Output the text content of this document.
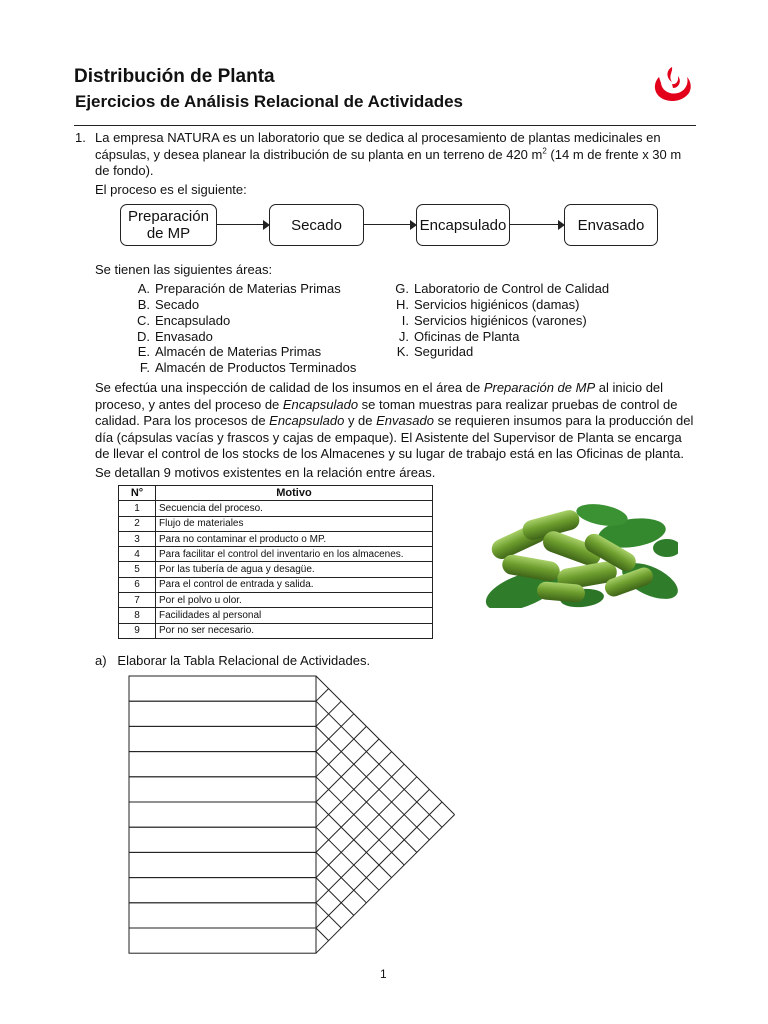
Distribución de Planta
Ejercicios de Análisis Relacional de Actividades
1. La empresa NATURA es un laboratorio que se dedica al procesamiento de plantas medicinales en cápsulas, y desea planear la distribución de su planta en un terreno de 420 $m^2$ (14 m de frente x 30 m de fondo).
El proceso es el siguiente:
Preparación de MP	Secado	Encapsulado	Envasado
Se tienen las siguientes áreas:
A. Preparación de Materias Primas
B. Secado
C. Encapsulado
D. Envasado
E. Almacén de Materias Primas
F. Almacén de Productos Terminados
G. Laboratorio de Control de Calidad
H. Servicios higiénicos (damas)
I. Servicios higiénicos (varones)
J. Oficinas de Planta
K. Seguridad
Se efectúa una inspección de calidad de los insumos en el área de Preparación de MP al inicio del proceso, y antes del proceso de Encapsulado se toman muestras para realizar pruebas de control de calidad. Para los procesos de Encapsulado y de Envasado se requieren insumos para la producción del día (cápsulas vacías y frascos y cajas de empaque). El Asistente del Supervisor de Planta se encarga de llevar el control de los stocks de los Almacenes y su lugar de trabajo está en las Oficinas de planta.
Se detallan 9 motivos existentes en la relación entre áreas.
N°	Motivo
1	Secuencia del proceso.
2	Flujo de materiales
3	Para no contaminar el producto o MP.
4	Para facilitar el control del inventario en los almacenes.
5	Por las tubería de agua y desagüe.
6	Para el control de entrada y salida.
7	Por el polvo u olor.
8	Facilidades al personal
9	Por no ser necesario.
a)   Elaborar la Tabla Relacional de Actividades.
1
